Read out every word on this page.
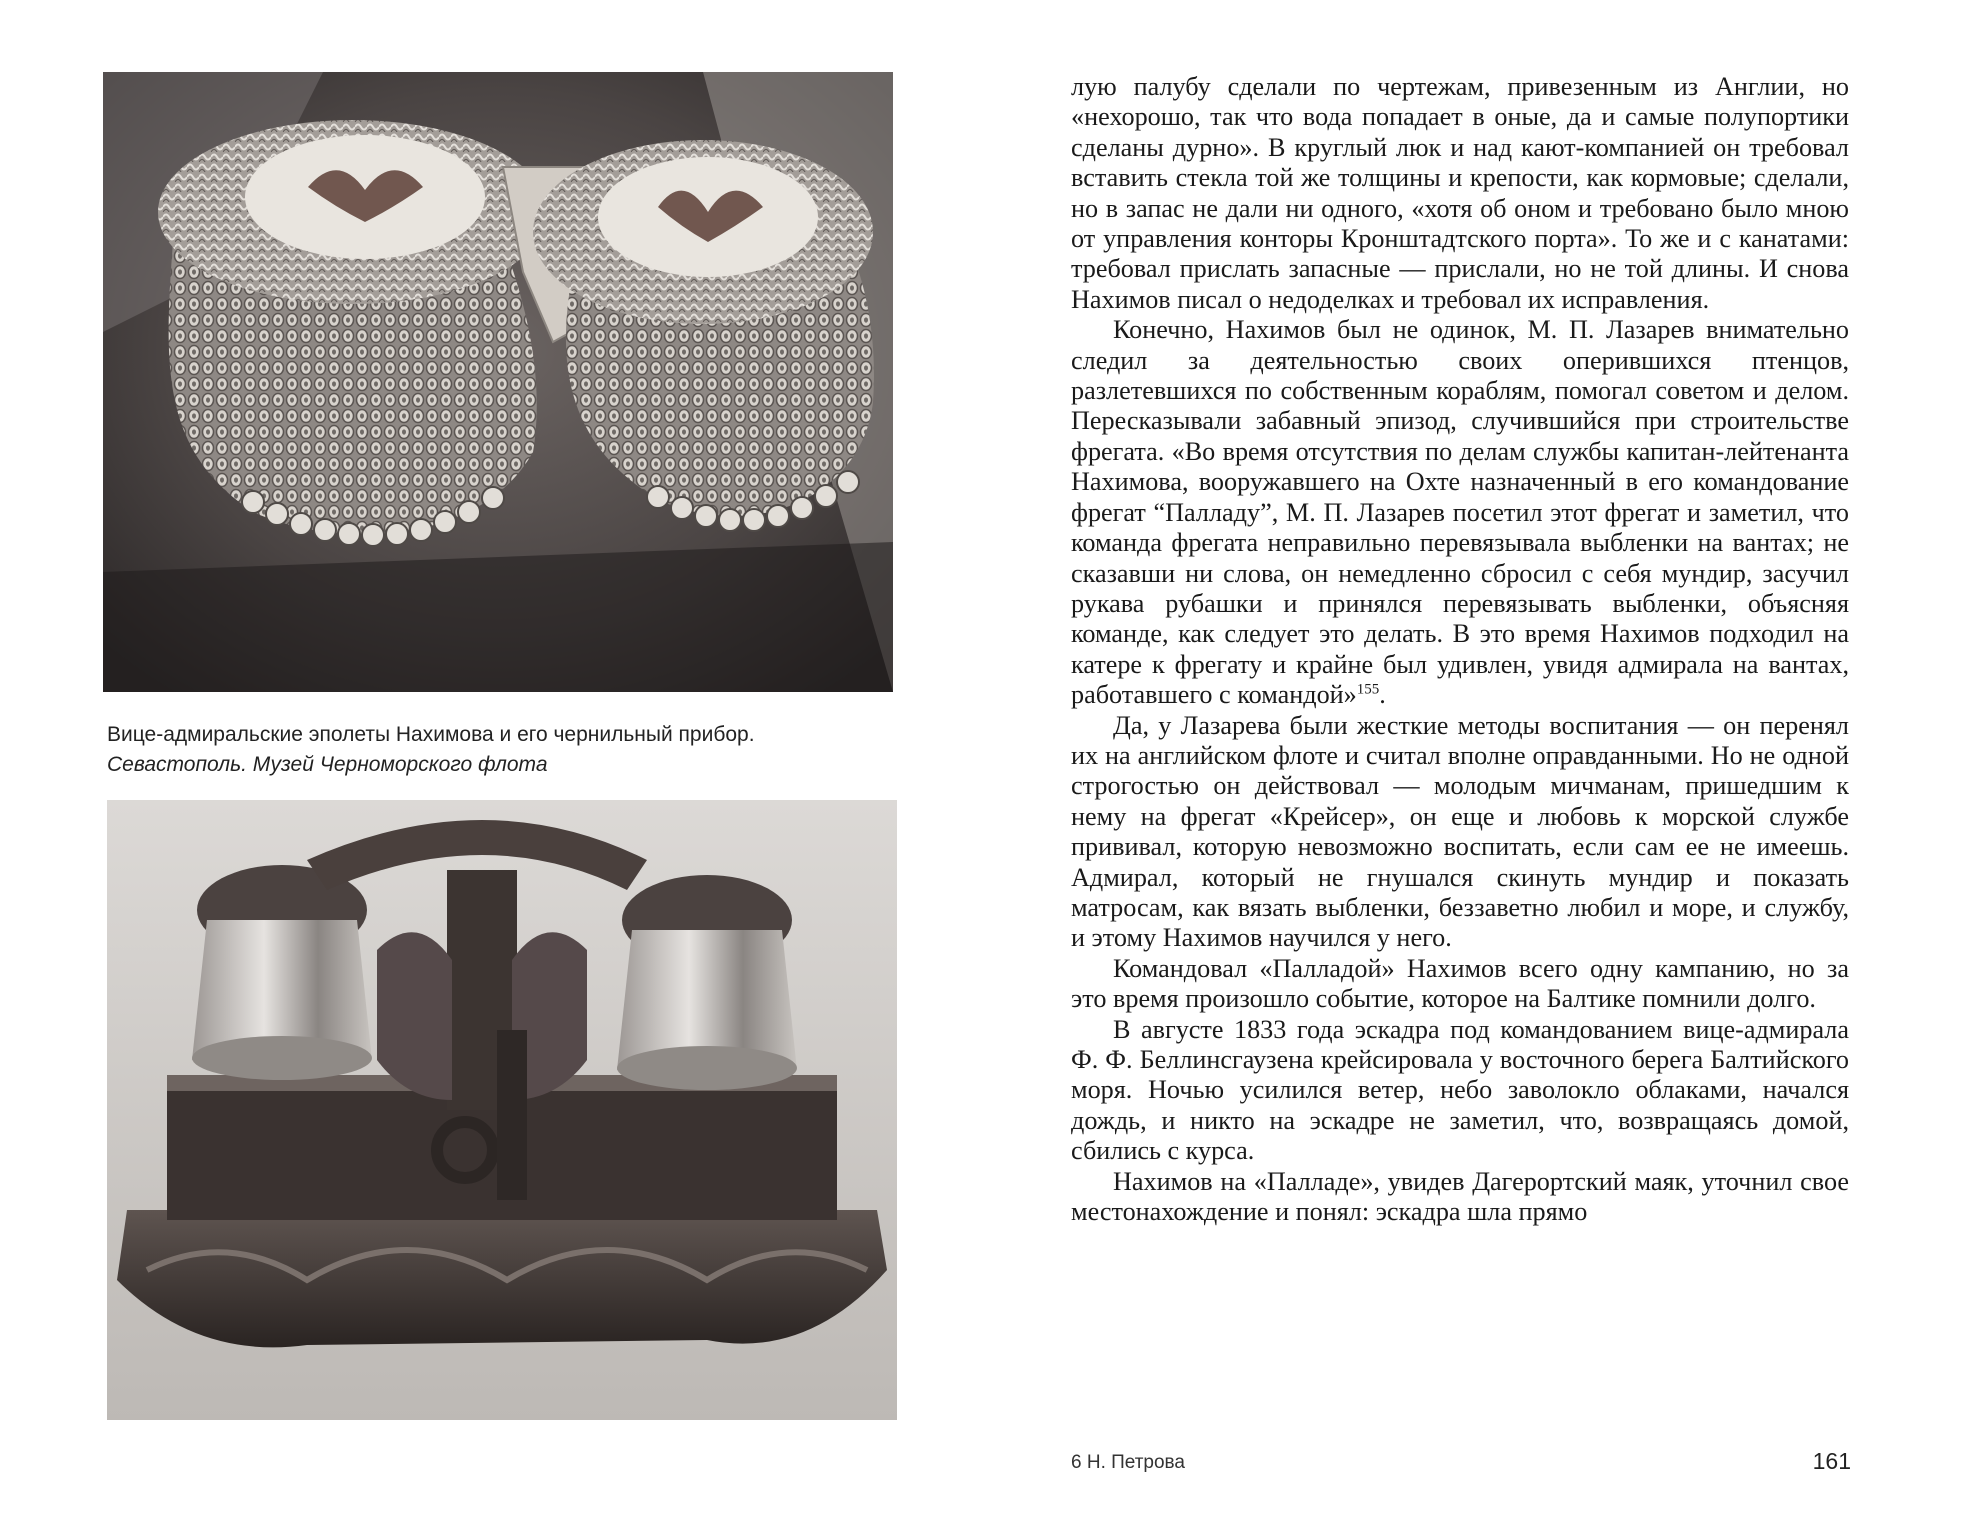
Вице-адмиральские эполеты Нахимова и его чернильный прибор.
Севастополь. Музей Черноморского флота

лую палубу сделали по чертежам, привезенным из Англии, но «нехорошо, так что вода попадает в оные, да и самые полупортики сделаны дурно». В круглый люк и над кают-компанией он требовал вставить стекла той же толщины и крепости, как кормовые; сделали, но в запас не дали ни одного, «хотя об оном и требовано было мною от управления конторы Кронштадтского порта». То же и с канатами: требовал прислать запасные — прислали, но не той длины. И снова Нахимов писал о недоделках и требовал их исправления.

Конечно, Нахимов был не одинок, М. П. Лазарев внимательно следил за деятельностью своих оперившихся птенцов, разлетевшихся по собственным кораблям, помогал советом и делом. Пересказывали забавный эпизод, случившийся при строительстве фрегата. «Во время отсутствия по делам службы капитан-лейтенанта Нахимова, вооружавшего на Охте назначенный в его командование фрегат “Палладу”, М. П. Лазарев посетил этот фрегат и заметил, что команда фрегата неправильно перевязывала выбленки на вантах; не сказавши ни слова, он немедленно сбросил с себя мундир, засучил рукава рубашки и принялся перевязывать выбленки, объясняя команде, как следует это делать. В это время Нахимов подходил на катере к фрегату и крайне был удивлен, увидя адмирала на вантах, работавшего с командой»$^{155}$.

Да, у Лазарева были жесткие методы воспитания — он перенял их на английском флоте и считал вполне оправданными. Но не одной строгостью он действовал — молодым мичманам, пришедшим к нему на фрегат «Крейсер», он еще и любовь к морской службе прививал, которую невозможно воспитать, если сам ее не имеешь. Адмирал, который не гнушался скинуть мундир и показать матросам, как вязать выбленки, беззаветно любил и море, и службу, и этому Нахимов научился у него.

Командовал «Палладой» Нахимов всего одну кампанию, но за это время произошло событие, которое на Балтике помнили долго.

В августе 1833 года эскадра под командованием вице-адмирала Ф. Ф. Беллинсгаузена крейсировала у восточного берега Балтийского моря. Ночью усилился ветер, небо заволокло облаками, начался дождь, и никто на эскадре не заметил, что, возвращаясь домой, сбились с курса.

Нахимов на «Палладе», увидев Дагерортский маяк, уточнил свое местонахождение и понял: эскадра шла прямо

6 Н. Петрова	161
